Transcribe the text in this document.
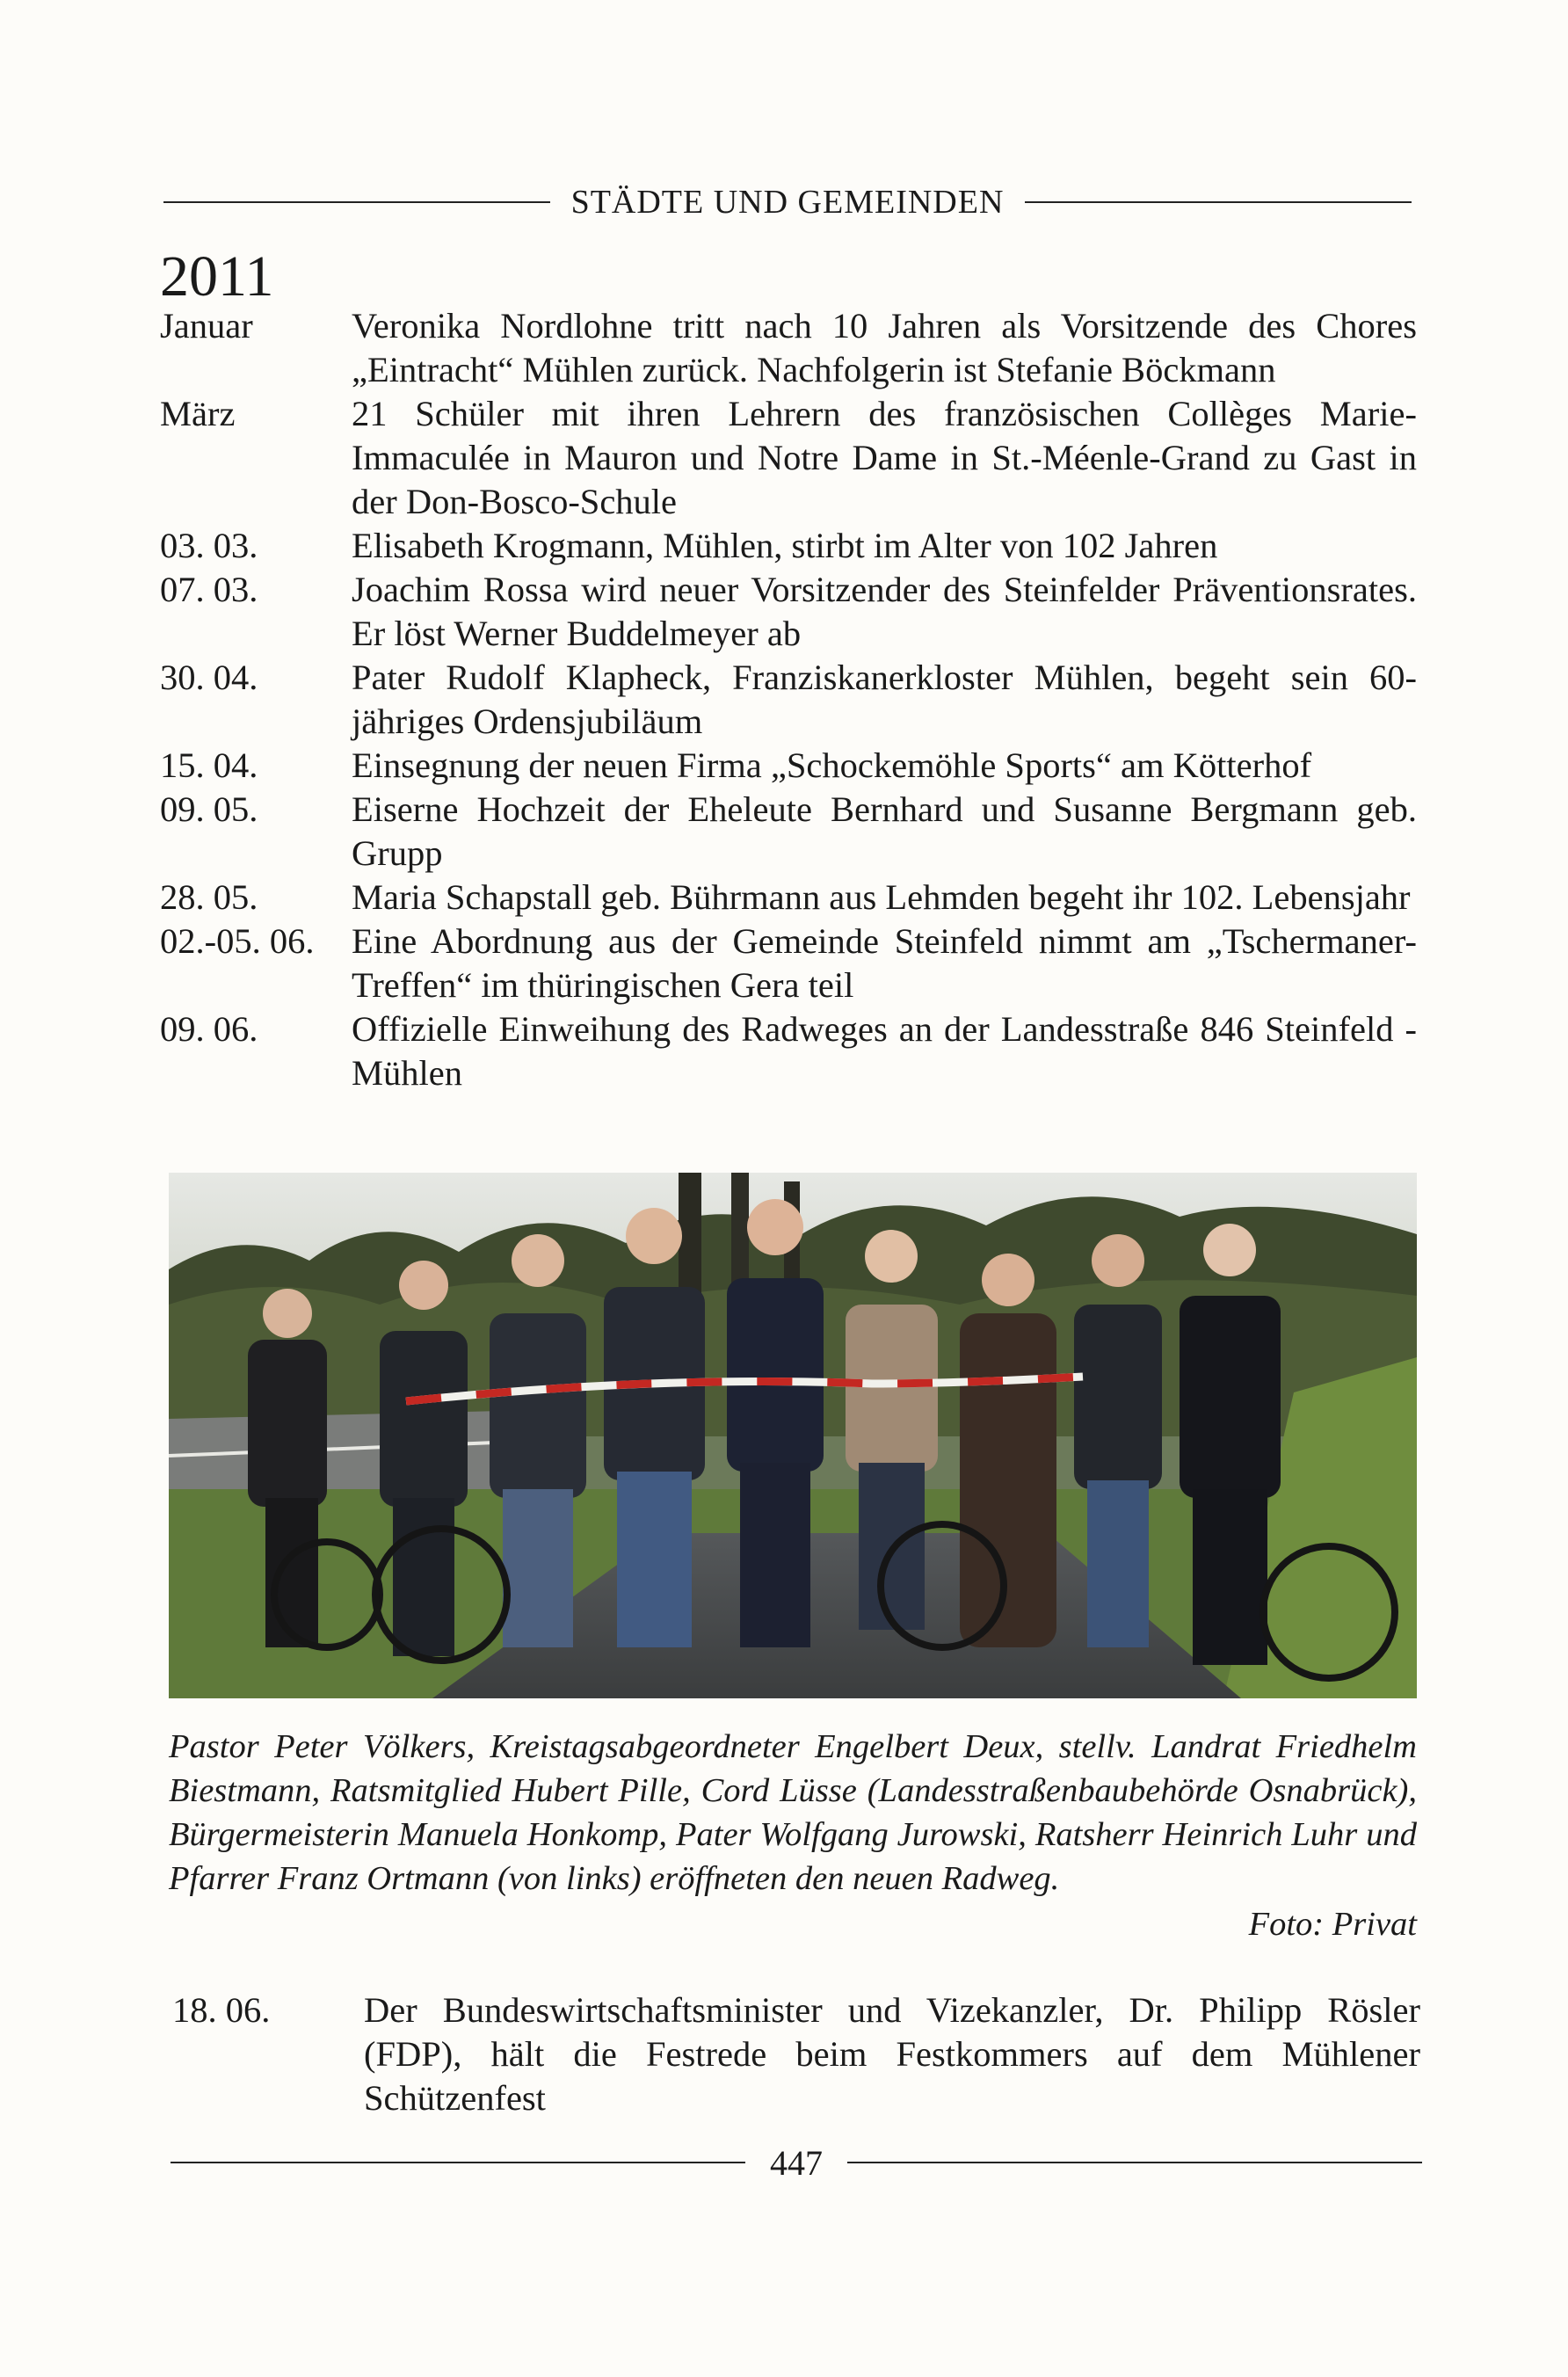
STÄDTE UND GEMEINDEN
2011
Januar	Veronika Nordlohne tritt nach 10 Jahren als Vorsitzende des Chores „Eintracht“ Mühlen zurück. Nachfolgerin ist Stefanie Böckmann
März	21 Schüler mit ihren Lehrern des französischen Collèges Marie-Immaculée in Mauron und Notre Dame in St.-Méenle-Grand zu Gast in der Don-Bosco-Schule
03. 03.	Elisabeth Krogmann, Mühlen, stirbt im Alter von 102 Jahren
07. 03.	Joachim Rossa wird neuer Vorsitzender des Steinfelder Präventionsrates. Er löst Werner Buddelmeyer ab
30. 04.	Pater Rudolf Klapheck, Franziskanerkloster Mühlen, begeht sein 60-jähriges Ordensjubiläum
15. 04.	Einsegnung der neuen Firma „Schockemöhle Sports“ am Kötterhof
09. 05.	Eiserne Hochzeit der Eheleute Bernhard und Susanne Bergmann geb. Grupp
28. 05.	Maria Schapstall geb. Bührmann aus Lehmden begeht ihr 102. Lebensjahr
02.-05. 06.	Eine Abordnung aus der Gemeinde Steinfeld nimmt am „Tschermaner-Treffen“ im thüringischen Gera teil
09. 06.	Offizielle Einweihung des Radweges an der Landesstraße 846 Steinfeld - Mühlen
Pastor Peter Völkers, Kreistagsabgeordneter Engelbert Deux, stellv. Landrat Friedhelm Biestmann, Ratsmitglied Hubert Pille, Cord Lüsse (Landesstraßenbaubehörde Osnabrück), Bürgermeisterin Manuela Honkomp, Pater Wolfgang Jurowski, Ratsherr Heinrich Luhr und Pfarrer Franz Ortmann (von links) eröffneten den neuen Radweg.
Foto: Privat
18. 06.	Der Bundeswirtschaftsminister und Vizekanzler, Dr. Philipp Rösler (FDP), hält die Festrede beim Festkommers auf dem Mühlener Schützenfest
447
